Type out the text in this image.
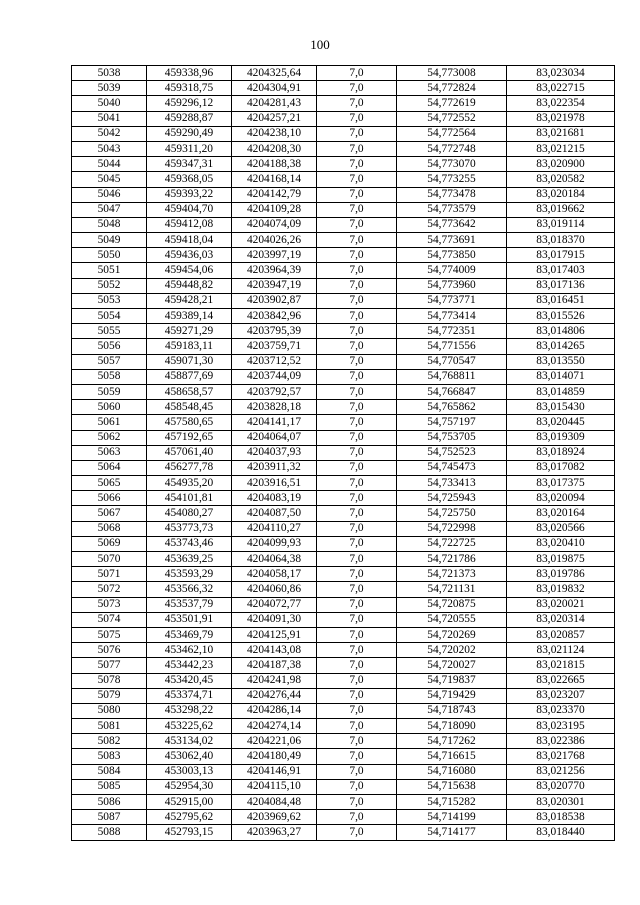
100
5038	459338,96	4204325,64	7,0	54,773008	83,023034
5039	459318,75	4204304,91	7,0	54,772824	83,022715
5040	459296,12	4204281,43	7,0	54,772619	83,022354
5041	459288,87	4204257,21	7,0	54,772552	83,021978
5042	459290,49	4204238,10	7,0	54,772564	83,021681
5043	459311,20	4204208,30	7,0	54,772748	83,021215
5044	459347,31	4204188,38	7,0	54,773070	83,020900
5045	459368,05	4204168,14	7,0	54,773255	83,020582
5046	459393,22	4204142,79	7,0	54,773478	83,020184
5047	459404,70	4204109,28	7,0	54,773579	83,019662
5048	459412,08	4204074,09	7,0	54,773642	83,019114
5049	459418,04	4204026,26	7,0	54,773691	83,018370
5050	459436,03	4203997,19	7,0	54,773850	83,017915
5051	459454,06	4203964,39	7,0	54,774009	83,017403
5052	459448,82	4203947,19	7,0	54,773960	83,017136
5053	459428,21	4203902,87	7,0	54,773771	83,016451
5054	459389,14	4203842,96	7,0	54,773414	83,015526
5055	459271,29	4203795,39	7,0	54,772351	83,014806
5056	459183,11	4203759,71	7,0	54,771556	83,014265
5057	459071,30	4203712,52	7,0	54,770547	83,013550
5058	458877,69	4203744,09	7,0	54,768811	83,014071
5059	458658,57	4203792,57	7,0	54,766847	83,014859
5060	458548,45	4203828,18	7,0	54,765862	83,015430
5061	457580,65	4204141,17	7,0	54,757197	83,020445
5062	457192,65	4204064,07	7,0	54,753705	83,019309
5063	457061,40	4204037,93	7,0	54,752523	83,018924
5064	456277,78	4203911,32	7,0	54,745473	83,017082
5065	454935,20	4203916,51	7,0	54,733413	83,017375
5066	454101,81	4204083,19	7,0	54,725943	83,020094
5067	454080,27	4204087,50	7,0	54,725750	83,020164
5068	453773,73	4204110,27	7,0	54,722998	83,020566
5069	453743,46	4204099,93	7,0	54,722725	83,020410
5070	453639,25	4204064,38	7,0	54,721786	83,019875
5071	453593,29	4204058,17	7,0	54,721373	83,019786
5072	453566,32	4204060,86	7,0	54,721131	83,019832
5073	453537,79	4204072,77	7,0	54,720875	83,020021
5074	453501,91	4204091,30	7,0	54,720555	83,020314
5075	453469,79	4204125,91	7,0	54,720269	83,020857
5076	453462,10	4204143,08	7,0	54,720202	83,021124
5077	453442,23	4204187,38	7,0	54,720027	83,021815
5078	453420,45	4204241,98	7,0	54,719837	83,022665
5079	453374,71	4204276,44	7,0	54,719429	83,023207
5080	453298,22	4204286,14	7,0	54,718743	83,023370
5081	453225,62	4204274,14	7,0	54,718090	83,023195
5082	453134,02	4204221,06	7,0	54,717262	83,022386
5083	453062,40	4204180,49	7,0	54,716615	83,021768
5084	453003,13	4204146,91	7,0	54,716080	83,021256
5085	452954,30	4204115,10	7,0	54,715638	83,020770
5086	452915,00	4204084,48	7,0	54,715282	83,020301
5087	452795,62	4203969,62	7,0	54,714199	83,018538
5088	452793,15	4203963,27	7,0	54,714177	83,018440
